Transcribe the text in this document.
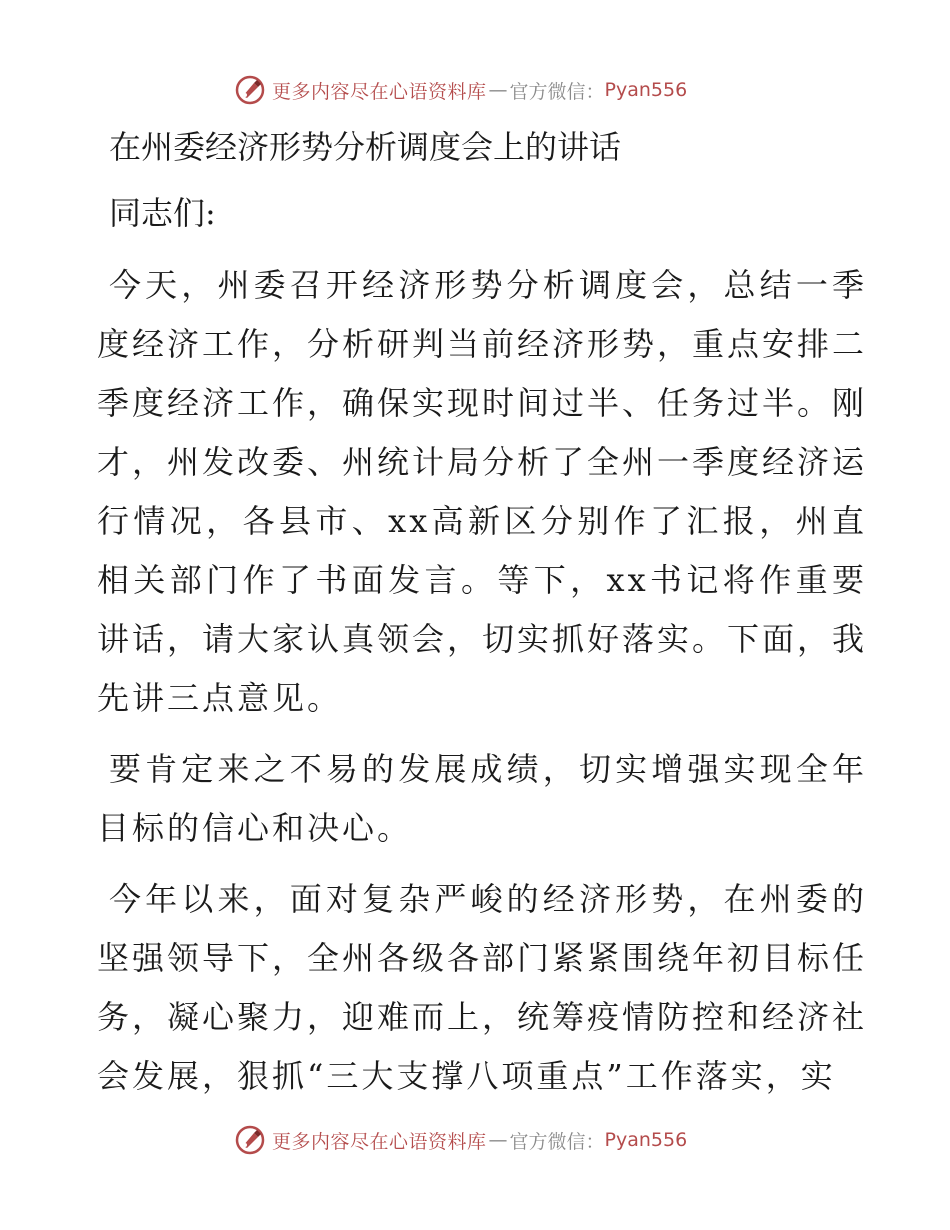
更多内容尽在心语资料库 — 官方微信： Pyan556
在州委经济形势分析调度会上的讲话
同志们:

今天，州委召开经济形势分析调度会，总结一季度经济工作，分析研判当前经济形势，重点安排二季度经济工作，确保实现时间过半、任务过半。刚才，州发改委、州统计局分析了全州一季度经济运行情况，各县市、xx高新区分别作了汇报，州直相关部门作了书面发言。等下，xx书记将作重要讲话，请大家认真领会，切实抓好落实。下面，我先讲三点意见。

要肯定来之不易的发展成绩，切实增强实现全年目标的信心和决心。

今年以来，面对复杂严峻的经济形势，在州委的坚强领导下，全州各级各部门紧紧围绕年初目标任务，凝心聚力，迎难而上，统筹疫情防控和经济社会发展，狠抓“三大支撑八项重点”工作落实，实

更多内容尽在心语资料库 — 官方微信： Pyan556
